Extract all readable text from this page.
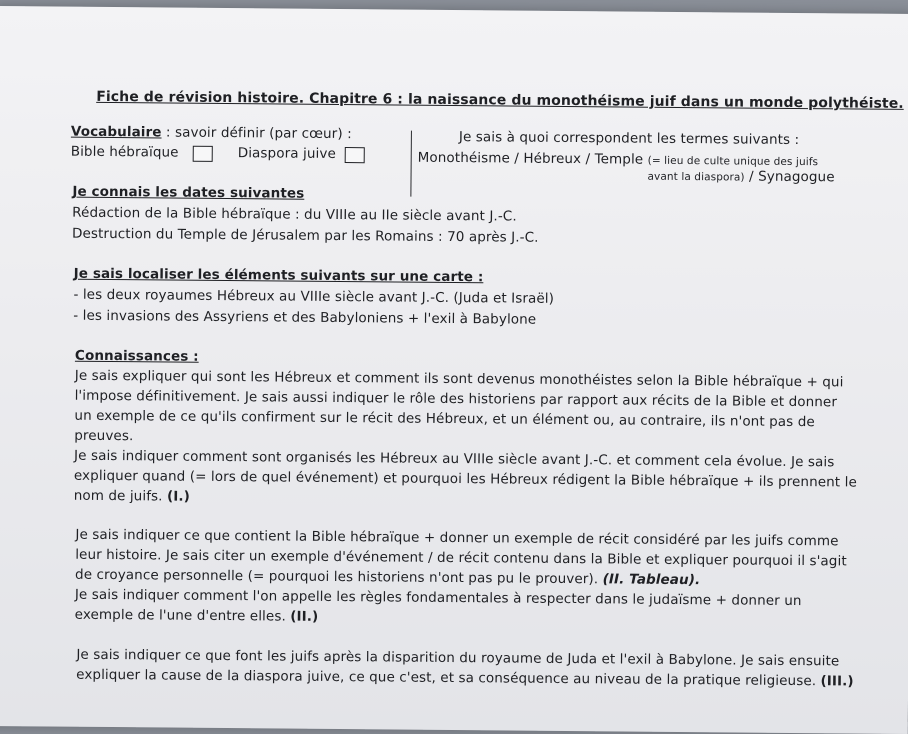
Fiche de révision histoire. Chapitre 6 : la naissance du monothéisme juif dans un monde polythéiste.
Vocabulaire : savoir définir (par cœur) :
Bible hébraïque	Diaspora juive
Je sais à quoi correspondent les termes suivants :
Monothéisme / Hébreux / Temple (= lieu de culte unique des juifs
avant la diaspora) / Synagogue
Je connais les dates suivantes
Rédaction de la Bible hébraïque : du VIIIe au IIe siècle avant J.-C.
Destruction du Temple de Jérusalem par les Romains : 70 après J.-C.
Je sais localiser les éléments suivants sur une carte :
- les deux royaumes Hébreux au VIIIe siècle avant J.-C. (Juda et Israël)
- les invasions des Assyriens et des Babyloniens + l'exil à Babylone
Connaissances :
Je sais expliquer qui sont les Hébreux et comment ils sont devenus monothéistes selon la Bible hébraïque + qui
l'impose définitivement. Je sais aussi indiquer le rôle des historiens par rapport aux récits de la Bible et donner
un exemple de ce qu'ils confirment sur le récit des Hébreux, et un élément ou, au contraire, ils n'ont pas de
preuves.
Je sais indiquer comment sont organisés les Hébreux au VIIIe siècle avant J.-C. et comment cela évolue. Je sais
expliquer quand (= lors de quel événement) et pourquoi les Hébreux rédigent la Bible hébraïque + ils prennent le
nom de juifs. (I.)
Je sais indiquer ce que contient la Bible hébraïque + donner un exemple de récit considéré par les juifs comme
leur histoire. Je sais citer un exemple d'événement / de récit contenu dans la Bible et expliquer pourquoi il s'agit
de croyance personnelle (= pourquoi les historiens n'ont pas pu le prouver). (II. Tableau).
Je sais indiquer comment l'on appelle les règles fondamentales à respecter dans le judaïsme + donner un
exemple de l'une d'entre elles. (II.)
Je sais indiquer ce que font les juifs après la disparition du royaume de Juda et l'exil à Babylone. Je sais ensuite
expliquer la cause de la diaspora juive, ce que c'est, et sa conséquence au niveau de la pratique religieuse. (III.)
